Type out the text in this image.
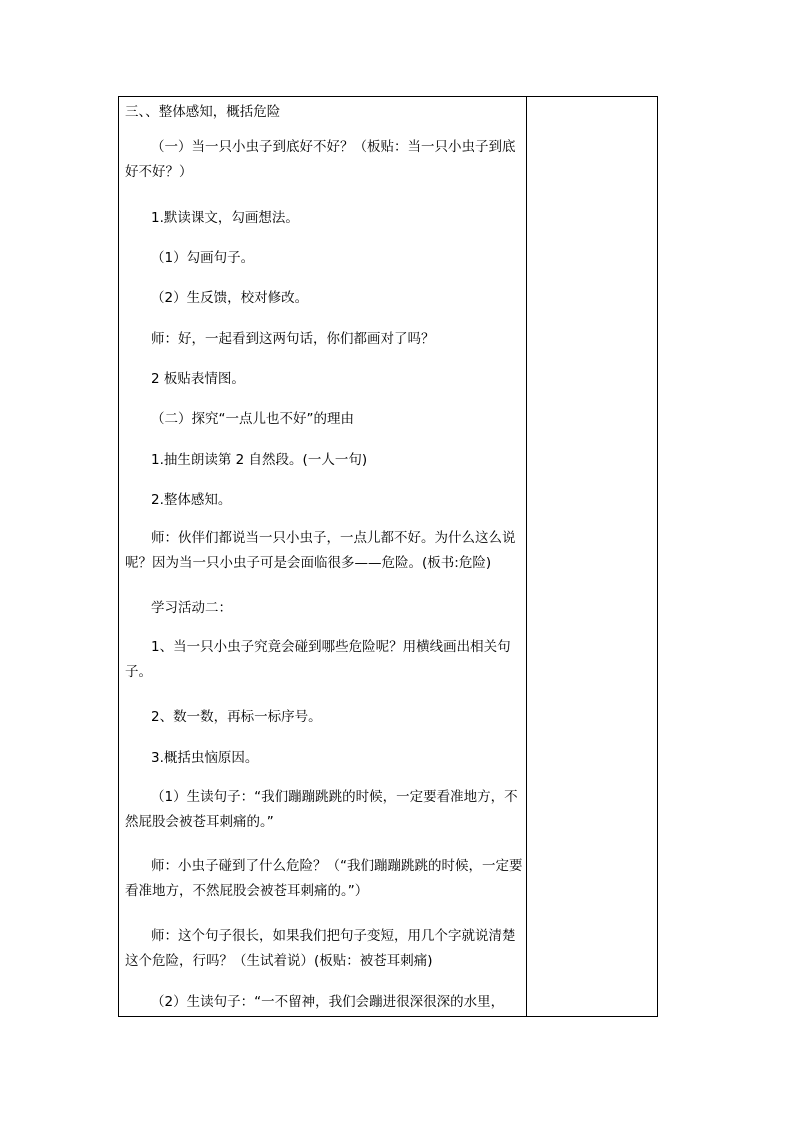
三、、整体感知，概括危险
（一）当一只小虫子到底好不好？（板贴：当一只小虫子到底好不好？）
1.默读课文，勾画想法。
（1）勾画句子。
（2）生反馈，校对修改。
师：好，一起看到这两句话，你们都画对了吗？
2 板贴表情图。
（二）探究“一点儿也不好”的理由
1.抽生朗读第 2 自然段。(一人一句)
2.整体感知。
师：伙伴们都说当一只小虫子，一点儿都不好。为什么这么说呢？因为当一只小虫子可是会面临很多——危险。(板书:危险)
学习活动二：
1、当一只小虫子究竟会碰到哪些危险呢？用横线画出相关句子。
2、数一数，再标一标序号。
3.概括虫恼原因。
（1）生读句子：“我们蹦蹦跳跳的时候，一定要看准地方，不然屁股会被苍耳刺痛的。”
师：小虫子碰到了什么危险？（“我们蹦蹦跳跳的时候，一定要看准地方，不然屁股会被苍耳刺痛的。”）
师：这个句子很长，如果我们把句子变短，用几个字就说清楚这个危险，行吗？（生试着说）(板贴：被苍耳刺痛)
（2）生读句子：“一不留神，我们会蹦进很深很深的水里，
